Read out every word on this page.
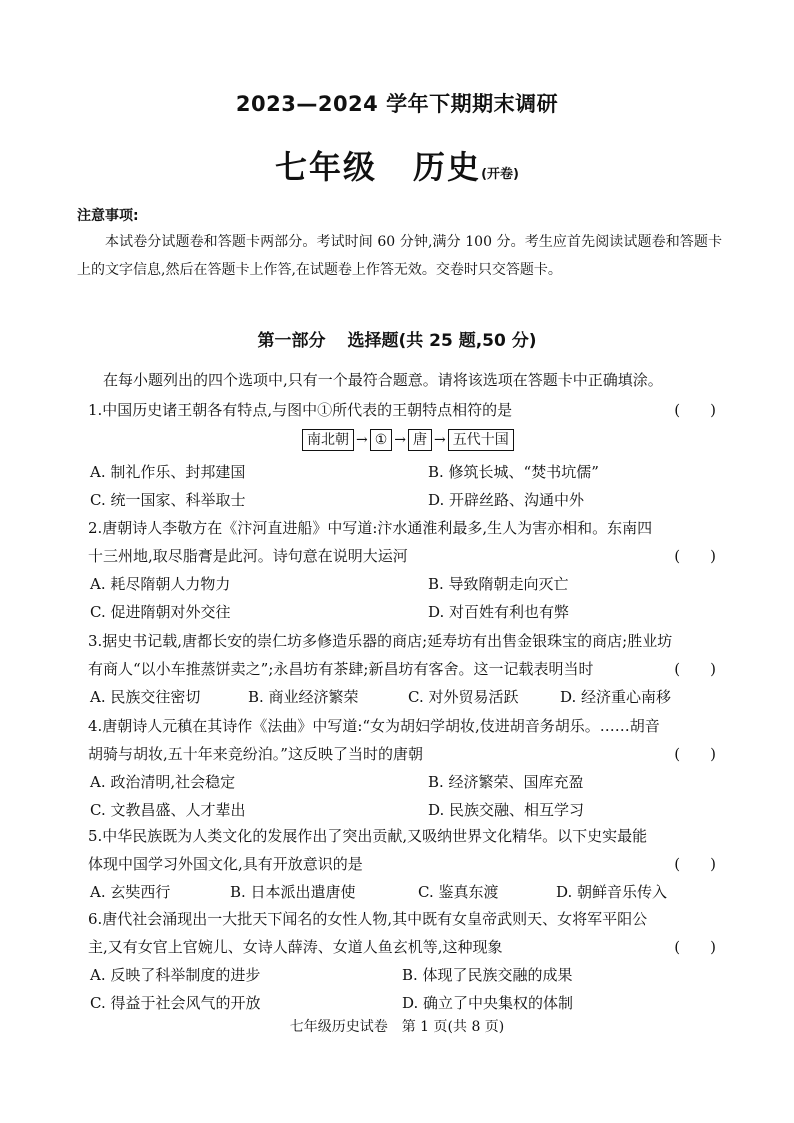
2023—2024 学年下期期末调研
七年级 历史(开卷)
注意事项:
本试卷分试题卷和答题卡两部分。考试时间 60 分钟,满分 100 分。考生应首先阅读试题卷和答题卡上的文字信息,然后在答题卡上作答,在试题卷上作答无效。交卷时只交答题卡。
第一部分 选择题(共 25 题,50 分)
在每小题列出的四个选项中,只有一个最符合题意。请将该选项在答题卡中正确填涂。
1.中国历史诸王朝各有特点,与图中①所代表的王朝特点相符的是	(　　)
南北朝 → ① → 唐 → 五代十国
A. 制礼作乐、封邦建国	B. 修筑长城、“焚书坑儒”
C. 统一国家、科举取士	D. 开辟丝路、沟通中外
2.唐朝诗人李敬方在《汴河直进船》中写道:汴水通淮利最多,生人为害亦相和。东南四
十三州地,取尽脂膏是此河。诗句意在说明大运河	(　　)
A. 耗尽隋朝人力物力	B. 导致隋朝走向灭亡
C. 促进隋朝对外交往	D. 对百姓有利也有弊
3.据史书记载,唐都长安的崇仁坊多修造乐器的商店;延寿坊有出售金银珠宝的商店;胜业坊
有商人“以小车推蒸饼卖之”;永昌坊有茶肆;新昌坊有客舍。这一记载表明当时	(　　)
A. 民族交往密切	B. 商业经济繁荣	C. 对外贸易活跃	D. 经济重心南移
4.唐朝诗人元稹在其诗作《法曲》中写道:“女为胡妇学胡妆,伎进胡音务胡乐。……胡音
胡骑与胡妆,五十年来竞纷泊。”这反映了当时的唐朝	(　　)
A. 政治清明,社会稳定	B. 经济繁荣、国库充盈
C. 文教昌盛、人才辈出	D. 民族交融、相互学习
5.中华民族既为人类文化的发展作出了突出贡献,又吸纳世界文化精华。以下史实最能
体现中国学习外国文化,具有开放意识的是	(　　)
A. 玄奘西行	B. 日本派出遣唐使	C. 鉴真东渡	D. 朝鲜音乐传入
6.唐代社会涌现出一大批天下闻名的女性人物,其中既有女皇帝武则天、女将军平阳公
主,又有女官上官婉儿、女诗人薛涛、女道人鱼玄机等,这种现象	(　　)
A. 反映了科举制度的进步	B. 体现了民族交融的成果
C. 得益于社会风气的开放	D. 确立了中央集权的体制
七年级历史试卷　第 1 页(共 8 页)
